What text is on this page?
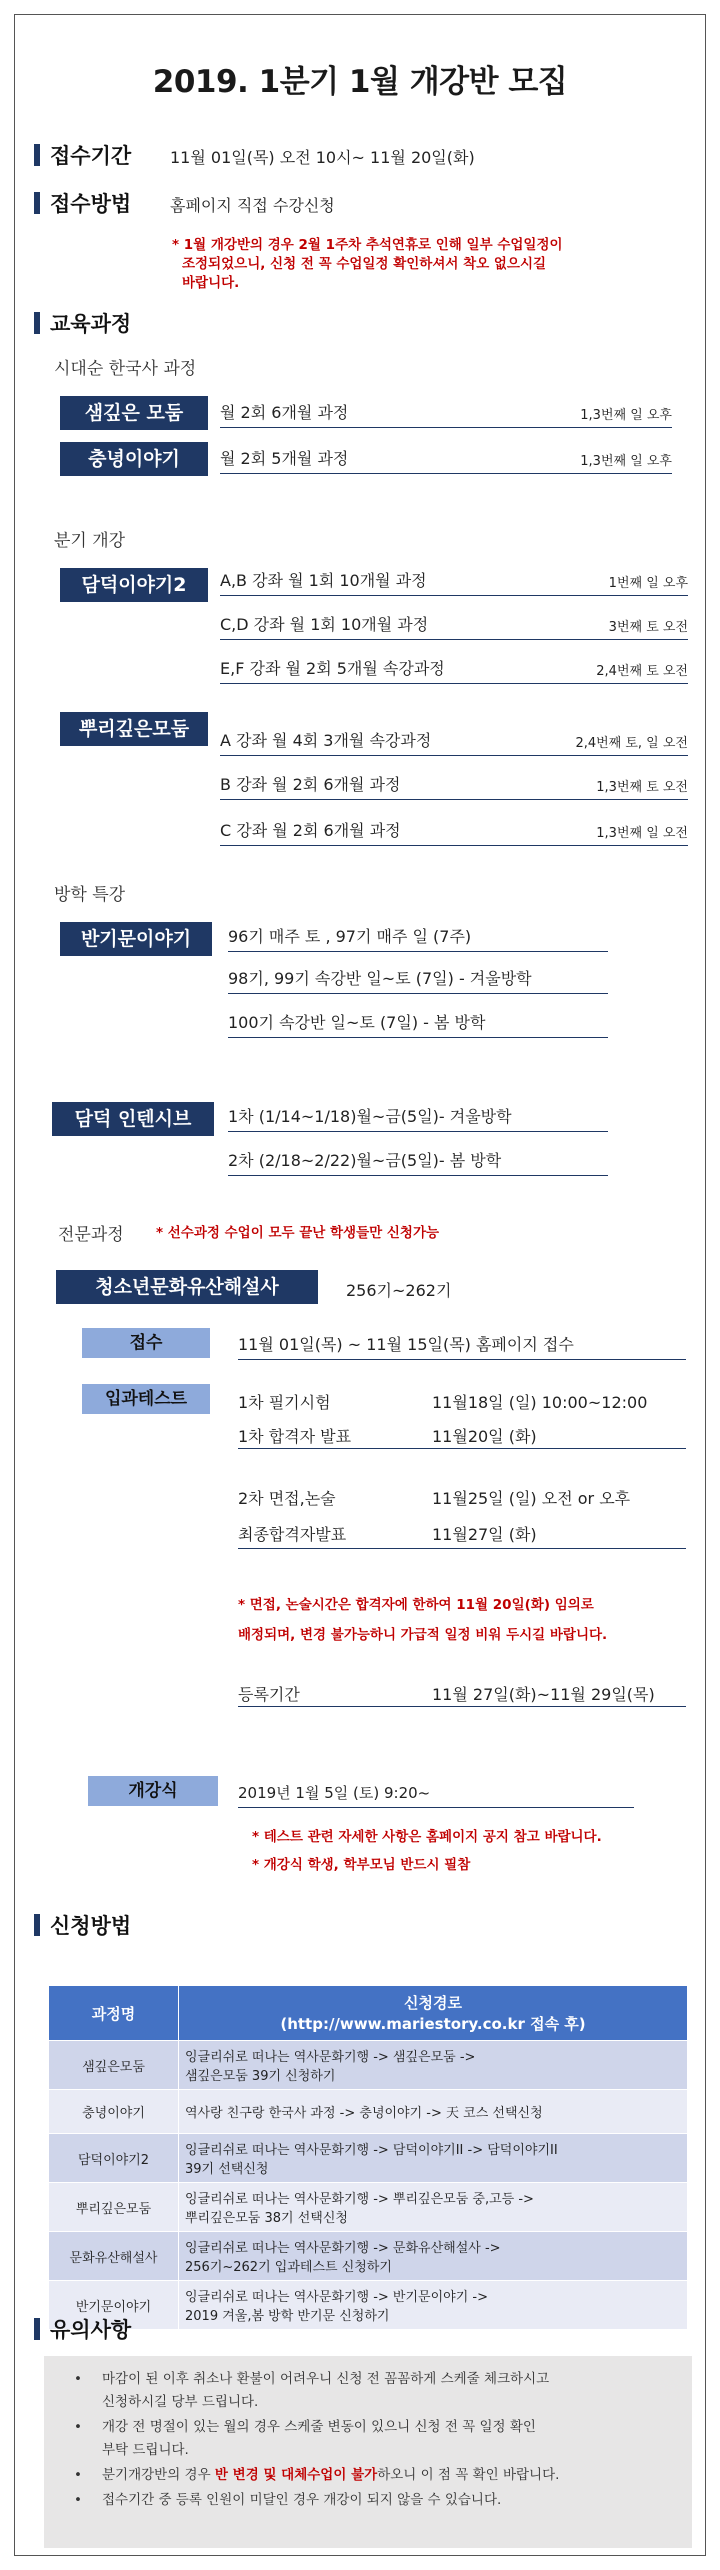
2019. 1분기 1월 개강반 모집
접수기간 11월 01일(목) 오전 10시~ 11월 20일(화)
접수방법 홈페이지 직접 수강신청
* 1월 개강반의 경우 2월 1주차 추석연휴로 인해 일부 수업일정이
조정되었으니, 신청 전 꼭 수업일정 확인하셔서 착오 없으시길
바랍니다.
교육과정
시대순 한국사 과정
샘깊은 모둠	월 2회 6개월 과정	1,3번째 일 오후
충녕이야기	월 2회 5개월 과정	1,3번째 일 오후
분기 개강
담덕이야기2	A,B 강좌 월 1회 10개월 과정	1번째 일 오후
C,D 강좌 월 1회 10개월 과정	3번째 토 오전
E,F 강좌 월 2회 5개월 속강과정	2,4번째 토 오전
뿌리깊은모둠
A 강좌 월 4회 3개월 속강과정	2,4번째 토, 일 오전
B 강좌 월 2회 6개월 과정	1,3번째 토 오전
C 강좌 월 2회 6개월 과정	1,3번째 일 오전
방학 특강
반기문이야기	96기 매주 토 , 97기 매주 일 (7주)
98기, 99기 속강반 일~토 (7일) - 겨울방학
100기 속강반 일~토 (7일) - 봄 방학
담덕 인텐시브	1차 (1/14~1/18)월~금(5일)- 겨울방학
2차 (2/18~2/22)월~금(5일)- 봄 방학
전문과정 * 선수과정 수업이 모두 끝난 학생들만 신청가능
청소년문화유산해설사	256기~262기
접수	11월 01일(목) ~ 11월 15일(목) 홈페이지 접수
입과테스트	1차 필기시험	11월18일 (일) 10:00~12:00
1차 합격자 발표	11월20일 (화)
2차 면접,논술	11월25일 (일) 오전 or 오후
최종합격자발표	11월27일 (화)
* 면접, 논술시간은 합격자에 한하여 11월 20일(화) 임의로
배정되며, 변경 불가능하니 가급적 일정 비워 두시길 바랍니다.
등록기간	11월 27일(화)~11월 29일(목)
개강식	2019년 1월 5일 (토) 9:20~
* 테스트 관련 자세한 사항은 홈페이지 공지 참고 바랍니다.
* 개강식 학생, 학부모님 반드시 필참
신청방법
과정명	신청경로
(http://www.mariestory.co.kr 접속 후)

샘깊은모둠	잉글리쉬로 떠나는 역사문화기행 -> 샘깊은모둠 ->
샘깊은모둠 39기 신청하기

충녕이야기	역사랑 친구랑 한국사 과정 -> 충녕이야기 -> 天 코스 선택신청

담덕이야기2	잉글리쉬로 떠나는 역사문화기행 -> 담덕이야기II -> 담덕이야기II
39기 선택신청

뿌리깊은모둠	잉글리쉬로 떠나는 역사문화기행 -> 뿌리깊은모둠 중,고등 ->
뿌리깊은모둠 38기 선택신청

문화유산해설사	잉글리쉬로 떠나는 역사문화기행 -> 문화유산해설사 ->
256기~262기 입과테스트 신청하기

반기문이야기	잉글리쉬로 떠나는 역사문화기행 -> 반기문이야기 ->
2019 겨울,봄 방학 반기문 신청하기
유의사항
• 마감이 된 이후 취소나 환불이 어려우니 신청 전 꼼꼼하게 스케줄 체크하시고
신청하시길 당부 드립니다.
• 개강 전 명절이 있는 월의 경우 스케줄 변동이 있으니 신청 전 꼭 일정 확인
부탁 드립니다.
• 분기개강반의 경우 반 변경 및 대체수업이 불가하오니 이 점 꼭 확인 바랍니다.
• 접수기간 중 등록 인원이 미달인 경우 개강이 되지 않을 수 있습니다.
